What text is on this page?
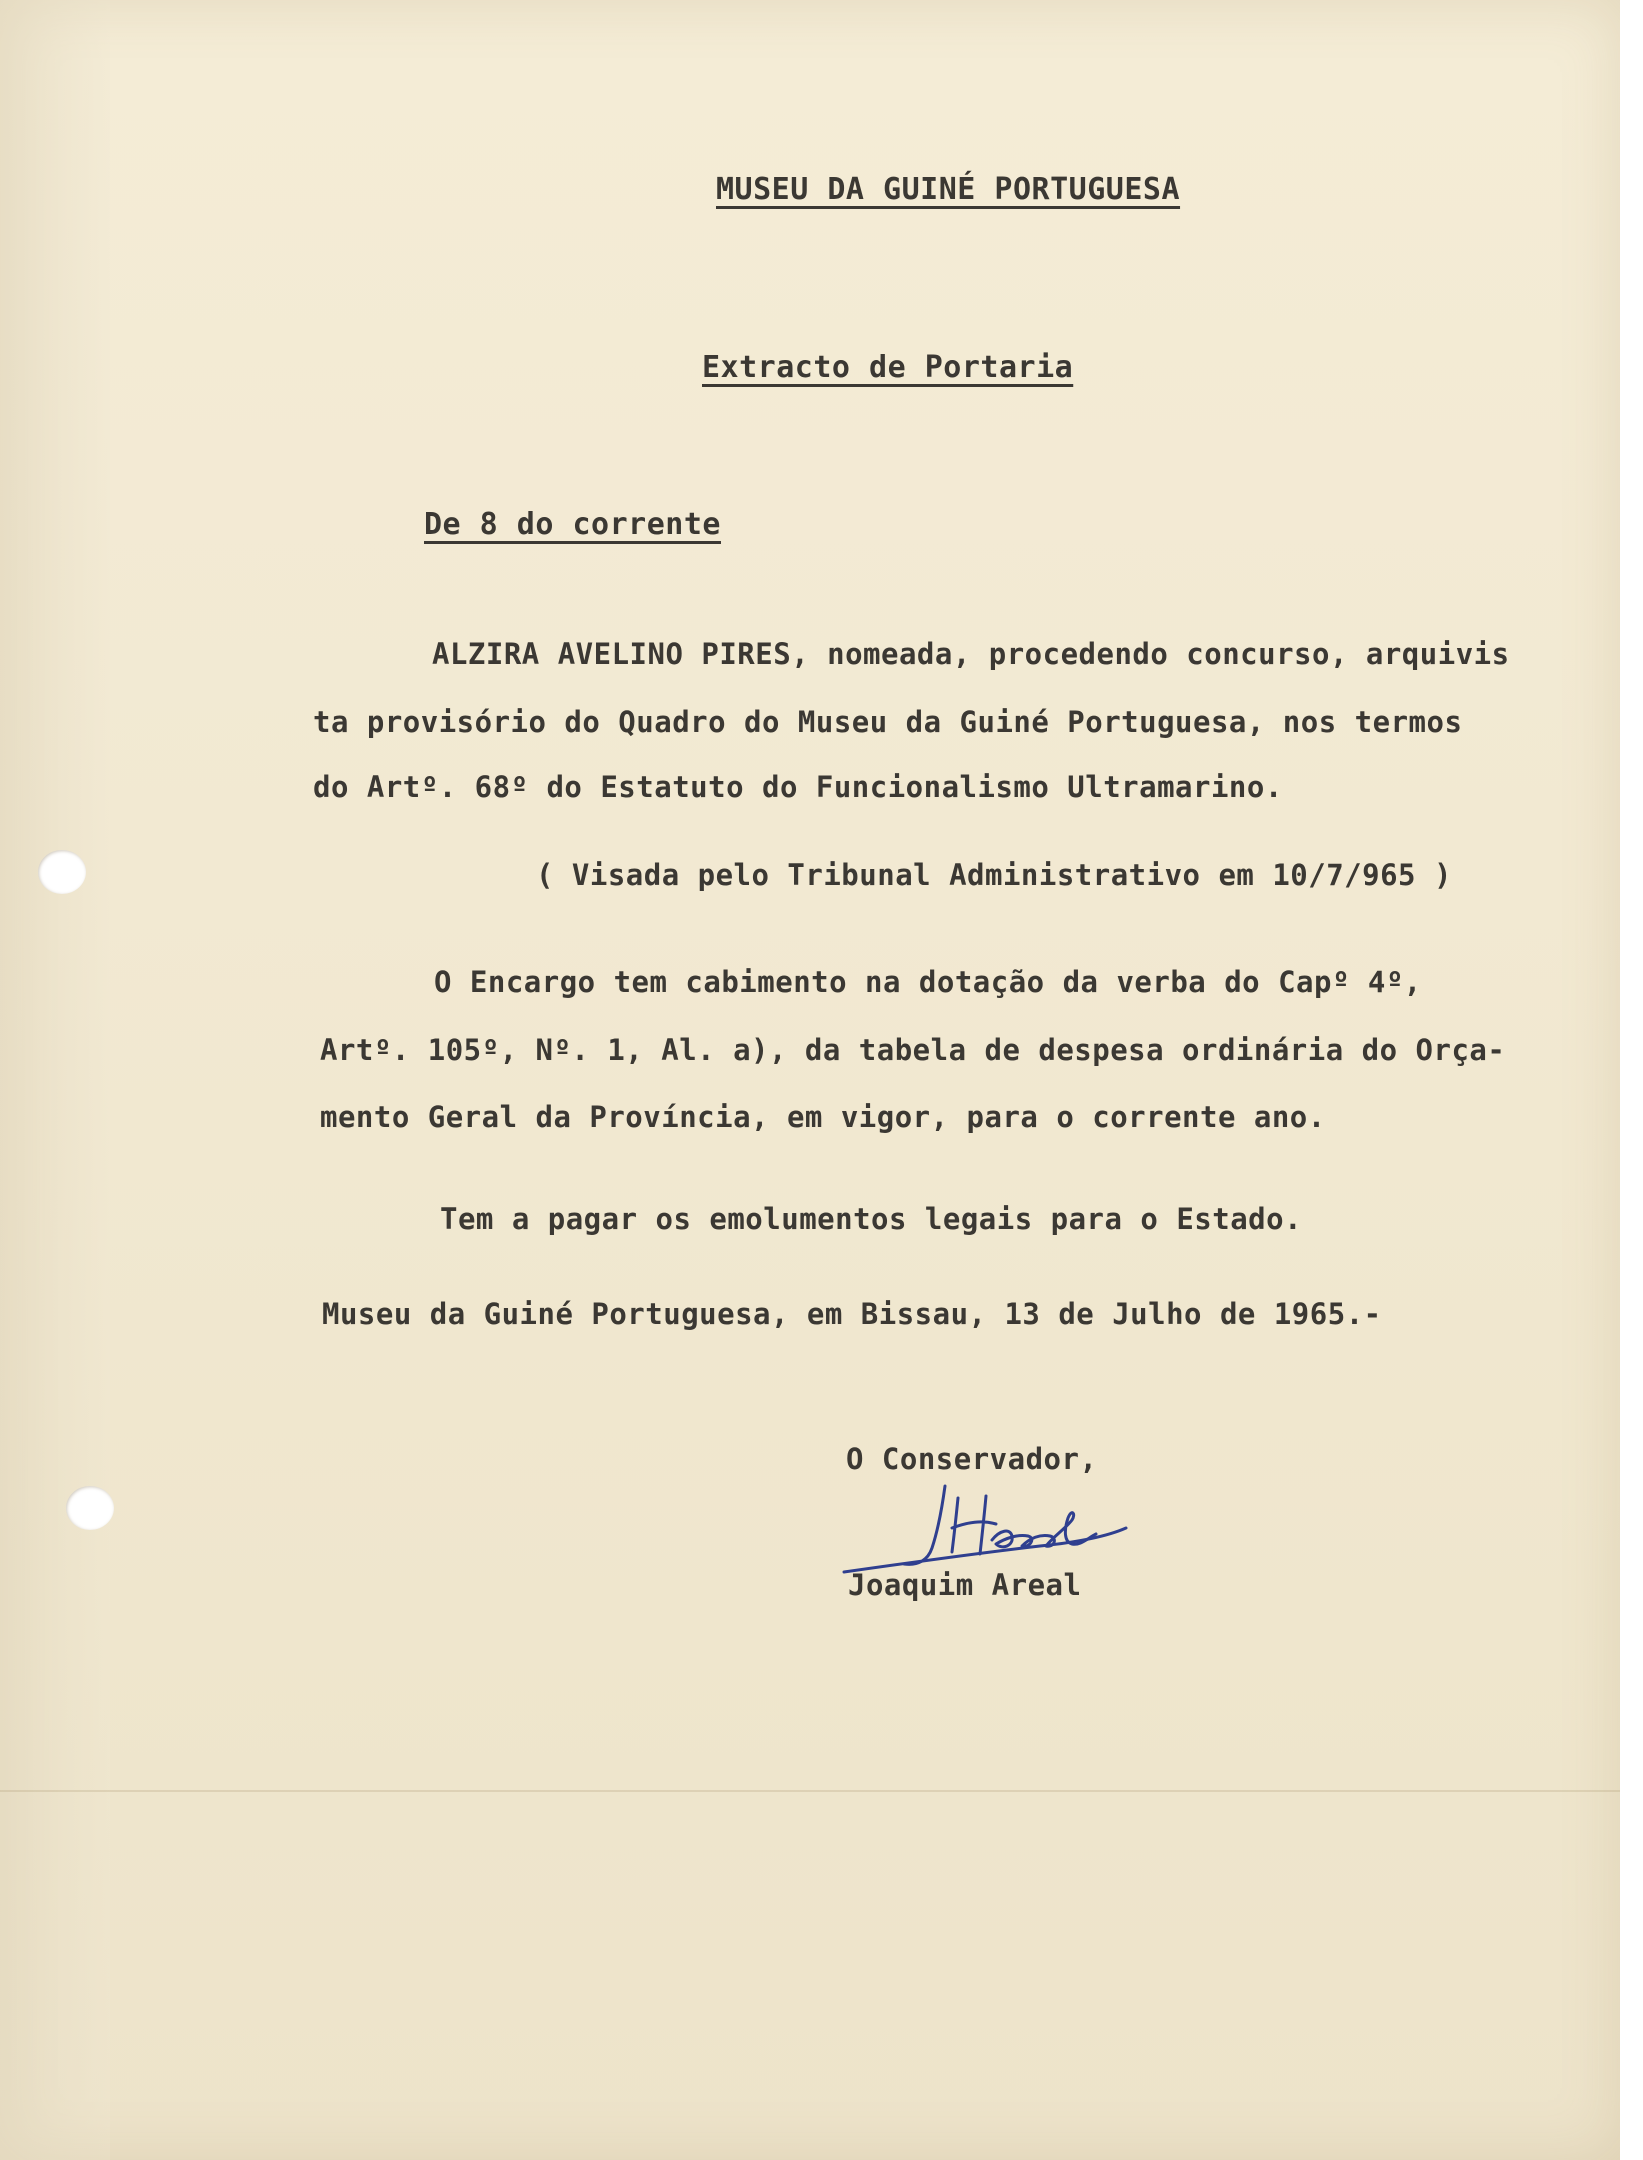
MUSEU DA GUINÉ PORTUGUESA
Extracto de Portaria
De 8 do corrente
ALZIRA AVELINO PIRES, nomeada, procedendo concurso, arquivis
ta provisório do Quadro do Museu da Guiné Portuguesa, nos termos
do Artº. 68º do Estatuto do Funcionalismo Ultramarino.
( Visada pelo Tribunal Administrativo em 10/7/965 )
O Encargo tem cabimento na dotação da verba do Capº 4º,
Artº. 105º, Nº. 1, Al. a), da tabela de despesa ordinária do Orça-
mento Geral da Província, em vigor, para o corrente ano.
Tem a pagar os emolumentos legais para o Estado.
Museu da Guiné Portuguesa, em Bissau, 13 de Julho de 1965.-
O Conservador,
Joaquim Areal
